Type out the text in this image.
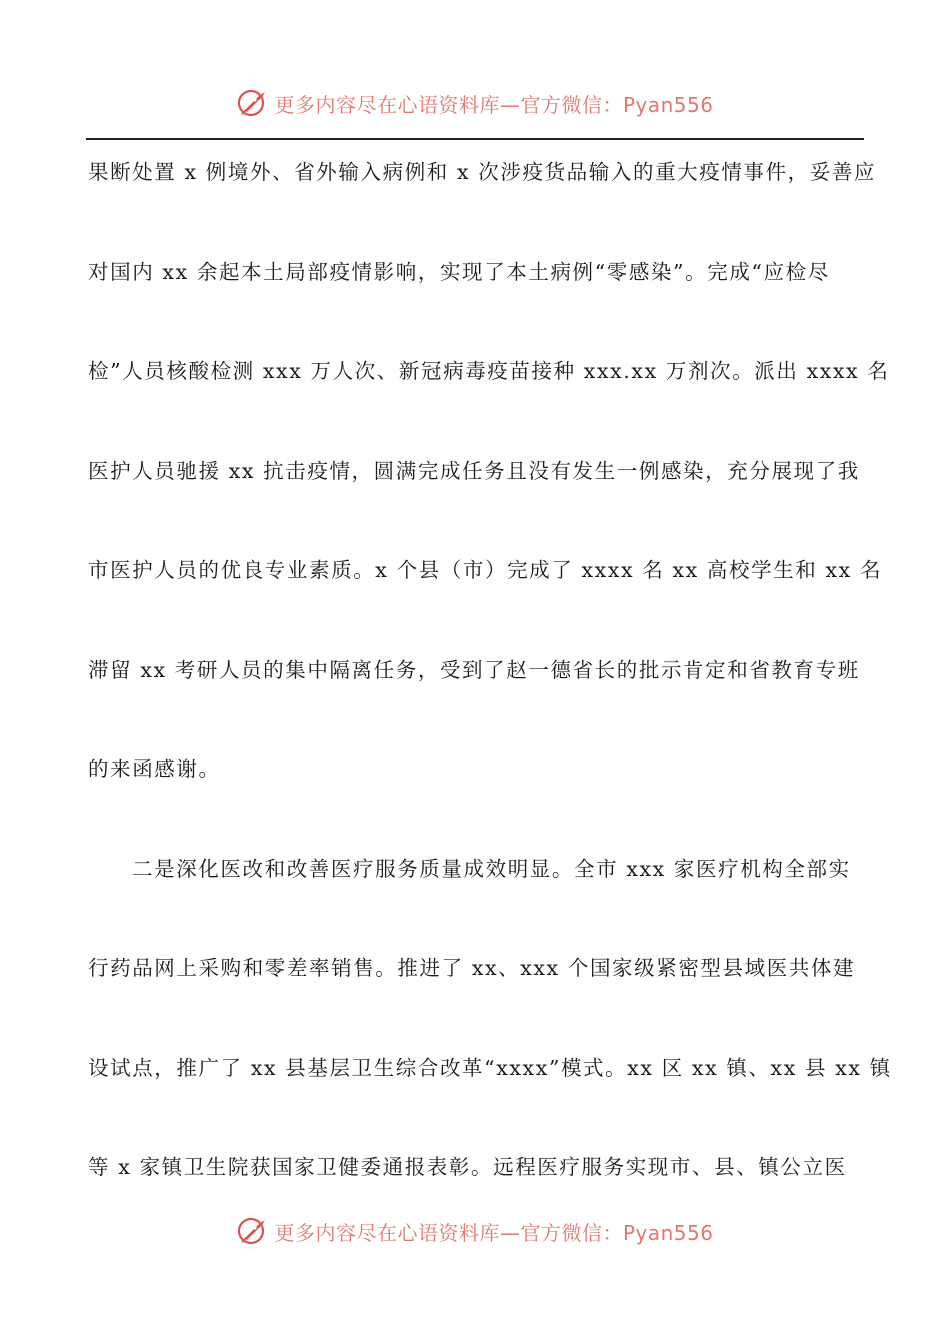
更多内容尽在心语资料库—官方微信：Pyan556
果断处置 x 例境外、省外输入病例和 x 次涉疫货品输入的重大疫情事件，妥善应
对国内 xx 余起本土局部疫情影响，实现了本土病例“零感染”。完成“应检尽
检”人员核酸检测 xxx 万人次、新冠病毒疫苗接种 xxx.xx 万剂次。派出 xxxx 名
医护人员驰援 xx 抗击疫情，圆满完成任务且没有发生一例感染，充分展现了我
市医护人员的优良专业素质。x 个县（市）完成了 xxxx 名 xx 高校学生和 xx 名
滞留 xx 考研人员的集中隔离任务，受到了赵一德省长的批示肯定和省教育专班
的来函感谢。
二是深化医改和改善医疗服务质量成效明显。全市 xxx 家医疗机构全部实
行药品网上采购和零差率销售。推进了 xx、xxx 个国家级紧密型县域医共体建
设试点，推广了 xx 县基层卫生综合改革“xxxx”模式。xx 区 xx 镇、xx 县 xx 镇
等 x 家镇卫生院获国家卫健委通报表彰。远程医疗服务实现市、县、镇公立医
更多内容尽在心语资料库—官方微信：Pyan556
